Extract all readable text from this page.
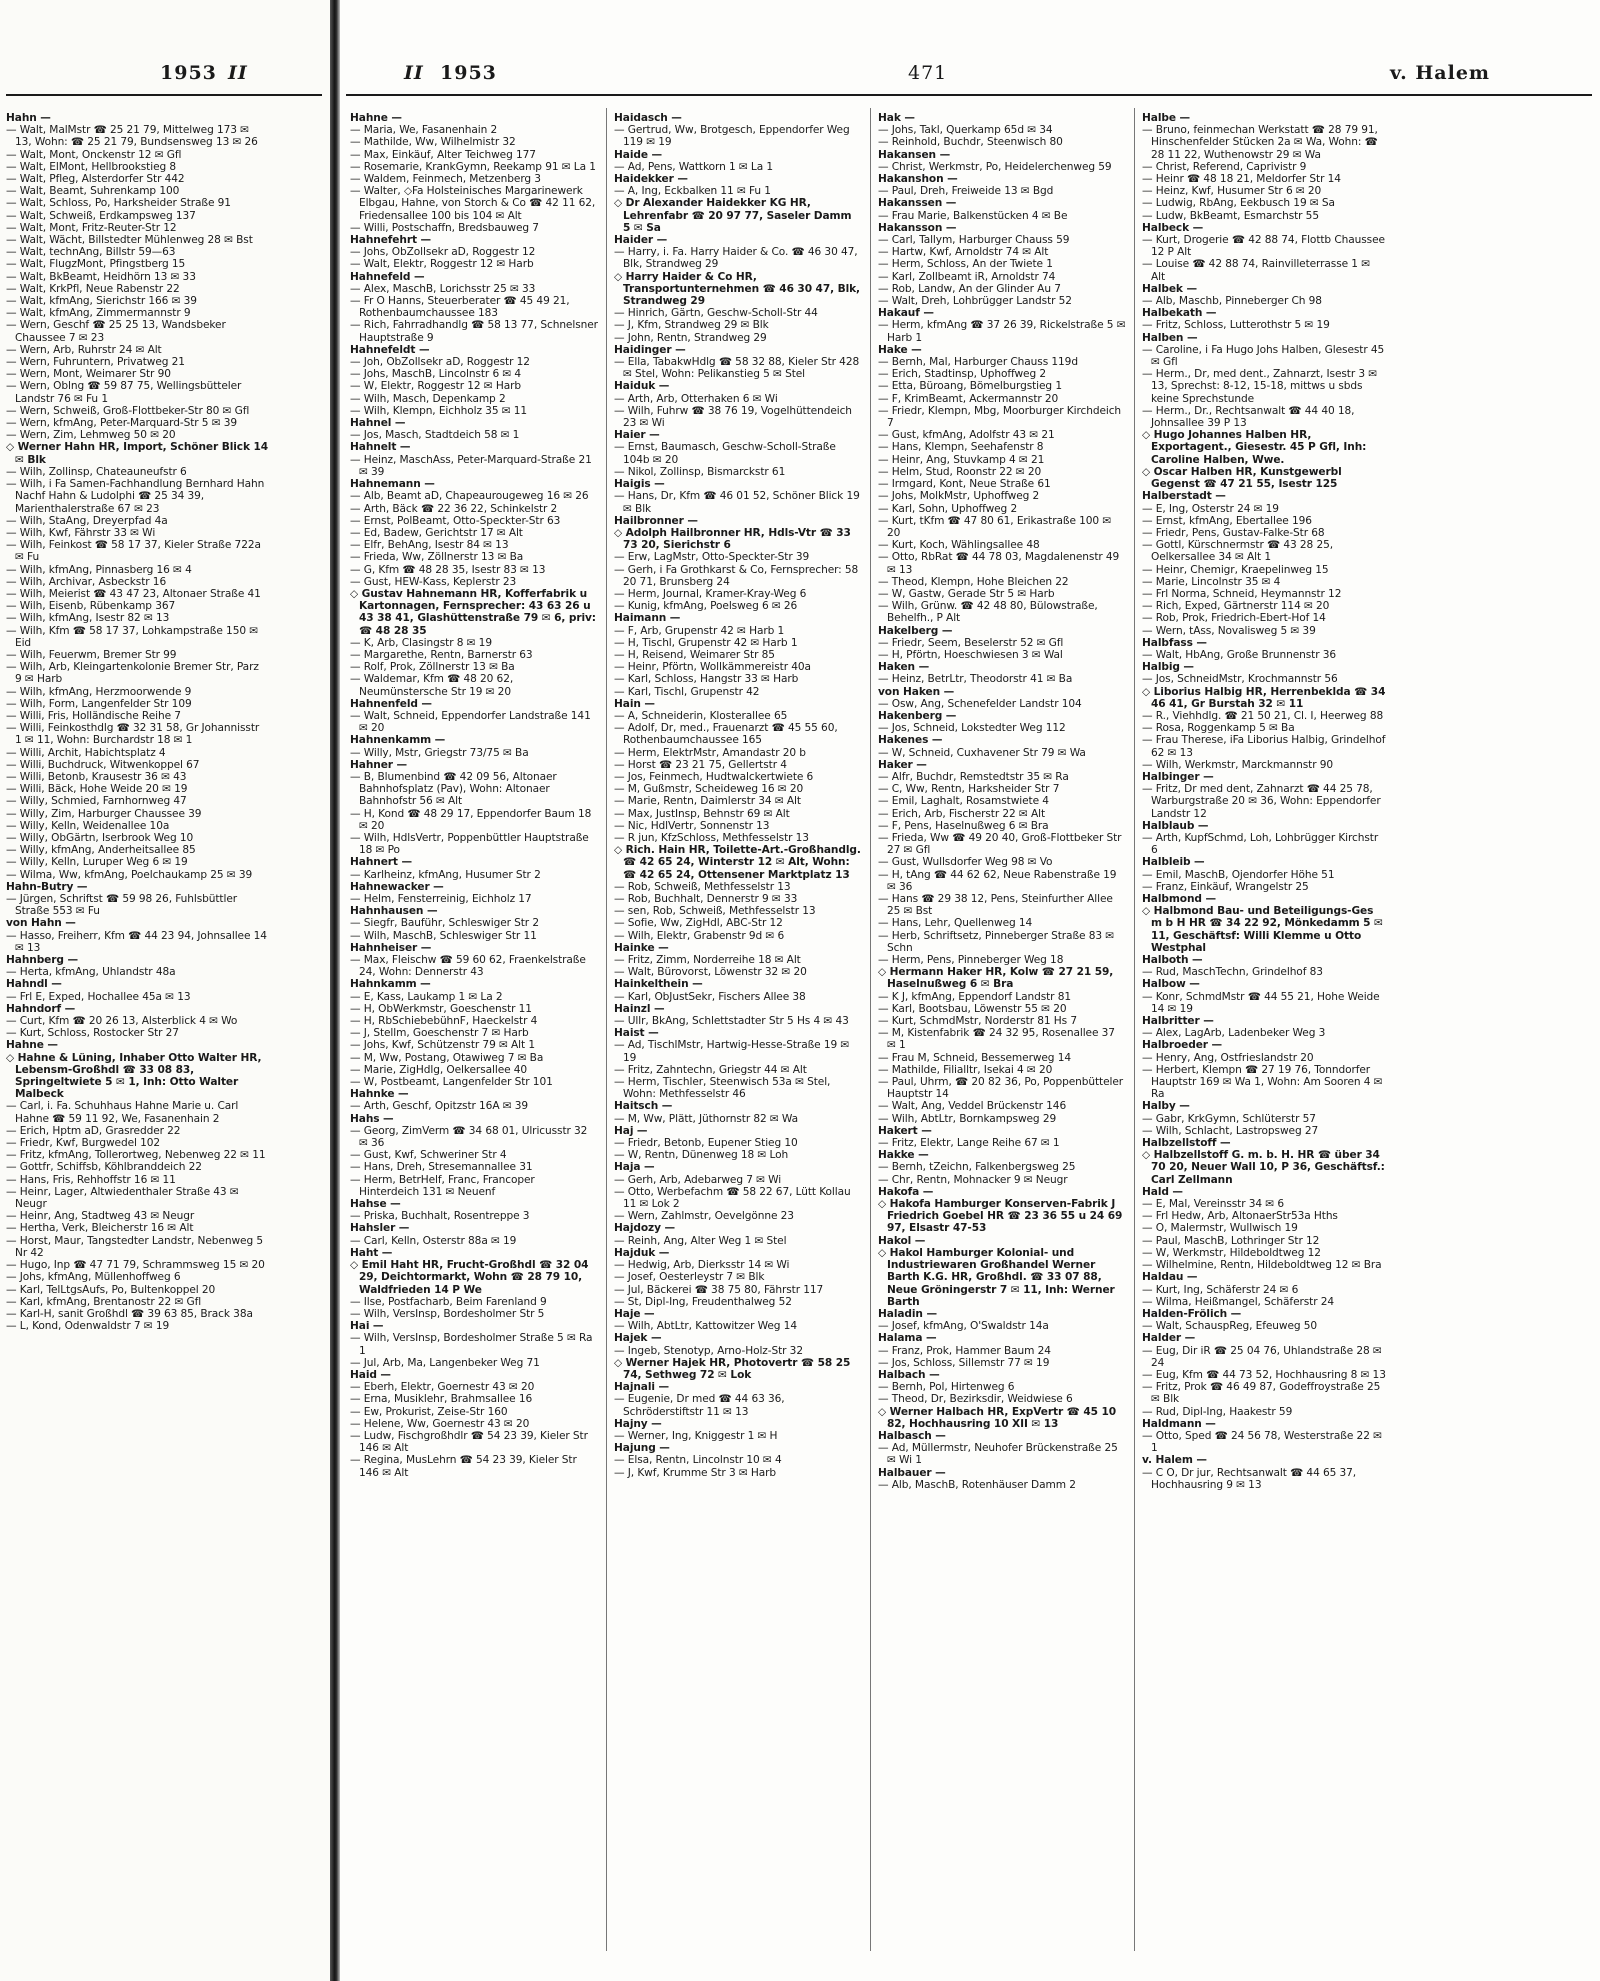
1953 II

Hahn —

— Walt, MalMstr ☎ 25 21 79, Mittelweg 173 ✉ 13, Wohn: ☎ 25 21 79, Bundsensweg 13 ✉ 26

— Walt, Mont, Onckenstr 12 ✉ Gfl

— Walt, ElMont, Hellbrookstieg 8

— Walt, Pfleg, Alsterdorfer Str 442

— Walt, Beamt, Suhrenkamp 100

— Walt, Schloss, Po, Harksheider Straße 91

— Walt, Schweiß, Erdkampsweg 137

— Walt, Mont, Fritz-Reuter-Str 12

— Walt, Wächt, Billstedter Mühlenweg 28 ✉ Bst

— Walt, technAng, Billstr 59—63

— Walt, FlugzMont, Pfingstberg 15

— Walt, BkBeamt, Heidhörn 13 ✉ 33

— Walt, KrkPfl, Neue Rabenstr 22

— Walt, kfmAng, Sierichstr 166 ✉ 39

— Walt, kfmAng, Zimmermannstr 9

— Wern, Geschf ☎ 25 25 13, Wandsbeker Chaussee 7 ✉ 23

— Wern, Arb, Ruhrstr 24 ✉ Alt

— Wern, Fuhruntern, Privatweg 21

— Wern, Mont, Weimarer Str 90

— Wern, Oblng ☎ 59 87 75, Wellingsbütteler Landstr 76 ✉ Fu 1

— Wern, Schweiß, Groß-Flottbeker-Str 80 ✉ Gfl

— Wern, kfmAng, Peter-Marquard-Str 5 ✉ 39

— Wern, Zim, Lehmweg 50 ✉ 20

◇ Werner Hahn HR, Import, Schöner Blick 14 ✉ Blk

— Wilh, Zollinsp, Chateauneufstr 6

— Wilh, i Fa Samen-Fachhandlung Bernhard Hahn Nachf Hahn & Ludolphi ☎ 25 34 39, Marienthalerstraße 67 ✉ 23

— Wilh, StaAng, Dreyerpfad 4a

— Wilh, Kwf, Fährstr 33 ✉ Wi

— Wilh, Feinkost ☎ 58 17 37, Kieler Straße 722a ✉ Fu

— Wilh, kfmAng, Pinnasberg 16 ✉ 4

— Wilh, Archivar, Asbeckstr 16

— Wilh, Meierist ☎ 43 47 23, Altonaer Straße 41

— Wilh, Eisenb, Rübenkamp 367

— Wilh, kfmAng, Isestr 82 ✉ 13

— Wilh, Kfm ☎ 58 17 37, Lohkampstraße 150 ✉ Eid

— Wilh, Feuerwm, Bremer Str 99

— Wilh, Arb, Kleingartenkolonie Bremer Str, Parz 9 ✉ Harb

— Wilh, kfmAng, Herzmoorwende 9

— Wilh, Form, Langenfelder Str 109

— Willi, Fris, Holländische Reihe 7

— Willi, Feinkosthdlg ☎ 32 31 58, Gr Johannisstr 1 ✉ 11, Wohn: Burchardstr 18 ✉ 1

— Willi, Archit, Habichtsplatz 4

— Willi, Buchdruck, Witwenkoppel 67

— Willi, Betonb, Krausestr 36 ✉ 43

— Willi, Bäck, Hohe Weide 20 ✉ 19

— Willy, Schmied, Farnhornweg 47

— Willy, Zim, Harburger Chaussee 39

— Willy, Kelln, Weidenallee 10a

— Willy, ObGärtn, Iserbrook Weg 10

— Willy, kfmAng, Anderheitsallee 85

— Willy, Kelln, Luruper Weg 6 ✉ 19

— Wilma, Ww, kfmAng, Poelchaukamp 25 ✉ 39

Hahn-Butry —

— Jürgen, Schriftst ☎ 59 98 26, Fuhlsbüttler Straße 553 ✉ Fu

von Hahn —

— Hasso, Freiherr, Kfm ☎ 44 23 94, Johnsallee 14 ✉ 13

Hahnberg —

— Herta, kfmAng, Uhlandstr 48a

Hahndl —

— Frl E, Exped, Hochallee 45a ✉ 13

Hahndorf —

— Curt, Kfm ☎ 20 26 13, Alsterblick 4 ✉ Wo

— Kurt, Schloss, Rostocker Str 27

Hahne —

◇ Hahne & Lüning, Inhaber Otto Walter HR, Lebensm-Großhdl ☎ 33 08 83, Springeltwiete 5 ✉ 1, Inh: Otto Walter Malbeck

— Carl, i. Fa. Schuhhaus Hahne Marie u. Carl Hahne ☎ 59 11 92, We, Fasanenhain 2

— Erich, Hptm aD, Grasredder 22

— Friedr, Kwf, Burgwedel 102

— Fritz, kfmAng, Tollerortweg, Nebenweg 22 ✉ 11

— Gottfr, Schiffsb, Köhlbranddeich 22

— Hans, Fris, Rehhoffstr 16 ✉ 11

— Heinr, Lager, Altwiedenthaler Straße 43 ✉ Neugr

— Heinr, Ang, Stadtweg 43 ✉ Neugr

— Hertha, Verk, Bleicherstr 16 ✉ Alt

— Horst, Maur, Tangstedter Landstr, Nebenweg 5 Nr 42

— Hugo, Inp ☎ 47 71 79, Schrammsweg 15 ✉ 20

— Johs, kfmAng, Müllenhoffweg 6

— Karl, TelLtgsAufs, Po, Bultenkoppel 20

— Karl, kfmAng, Brentanostr 22 ✉ Gfl

— Karl-H, sanit Großhdl ☎ 39 63 85, Brack 38a

— L, Kond, Odenwaldstr 7 ✉ 19

II 1953	471	v. Halem

Hahne —

— Maria, We, Fasanenhain 2

— Mathilde, Ww, Wilhelmistr 32

— Max, Einkäuf, Alter Teichweg 177

— Rosemarie, KrankGymn, Reekamp 91 ✉ La 1

— Waldem, Feinmech, Metzenberg 3

— Walter, ◇Fa Holsteinisches Margarinewerk Elbgau, Hahne, von Storch & Co ☎ 42 11 62, Friedensallee 100 bis 104 ✉ Alt

— Willi, Postschaffn, Bredsbauweg 7

Hahnefehrt —

— Johs, ObZollsekr aD, Roggestr 12

— Walt, Elektr, Roggestr 12 ✉ Harb

Hahnefeld —

— Alex, MaschB, Lorichsstr 25 ✉ 33

— Fr O Hanns, Steuerberater ☎ 45 49 21, Rothenbaumchaussee 183

— Rich, Fahrradhandlg ☎ 58 13 77, Schnelsner Hauptstraße 9

Hahnefeldt —

— Joh, ObZollsekr aD, Roggestr 12

— Johs, MaschB, Lincolnstr 6 ✉ 4

— W, Elektr, Roggestr 12 ✉ Harb

— Wilh, Masch, Depenkamp 2

— Wilh, Klempn, Eichholz 35 ✉ 11

Hahnel —

— Jos, Masch, Stadtdeich 58 ✉ 1

Hahnelt —

— Heinz, MaschAss, Peter-Marquard-Straße 21 ✉ 39

Hahnemann —

— Alb, Beamt aD, Chapeaurougeweg 16 ✉ 26

— Arth, Bäck ☎ 22 36 22, Schinkelstr 2

— Ernst, PolBeamt, Otto-Speckter-Str 63

— Ed, Badew, Gerichtstr 17 ✉ Alt

— Elfr, BehAng, Isestr 84 ✉ 13

— Frieda, Ww, Zöllnerstr 13 ✉ Ba

— G, Kfm ☎ 48 28 35, Isestr 83 ✉ 13

— Gust, HEW-Kass, Keplerstr 23

◇ Gustav Hahnemann HR, Kofferfabrik u Kartonnagen, Fernsprecher: 43 63 26 u 43 38 41, Glashüttenstraße 79 ✉ 6, priv: ☎ 48 28 35

— K, Arb, Clasingstr 8 ✉ 19

— Margarethe, Rentn, Barnerstr 63

— Rolf, Prok, Zöllnerstr 13 ✉ Ba

— Waldemar, Kfm ☎ 48 20 62, Neumünstersche Str 19 ✉ 20

Hahnenfeld —

— Walt, Schneid, Eppendorfer Landstraße 141 ✉ 20

Hahnenkamm —

— Willy, Mstr, Griegstr 73/75 ✉ Ba

Hahner —

— B, Blumenbind ☎ 42 09 56, Altonaer Bahnhofsplatz (Pav), Wohn: Altonaer Bahnhofstr 56 ✉ Alt

— H, Kond ☎ 48 29 17, Eppendorfer Baum 18 ✉ 20

— Wilh, HdlsVertr, Poppenbüttler Hauptstraße 18 ✉ Po

Hahnert —

— Karlheinz, kfmAng, Husumer Str 2

Hahnewacker —

— Helm, Fensterreinig, Eichholz 17

Hahnhausen —

— Siegfr, Bauführ, Schleswiger Str 2

— Wilh, MaschB, Schleswiger Str 11

Hahnheiser —

— Max, Fleischw ☎ 59 60 62, Fraenkelstraße 24, Wohn: Dennerstr 43

Hahnkamm —

— E, Kass, Laukamp 1 ✉ La 2

— H, ObWerkmstr, Goeschenstr 11

— H, RbSchiebebühnF, Haeckelstr 4

— J, Stellm, Goeschenstr 7 ✉ Harb

— Johs, Kwf, Schützenstr 79 ✉ Alt 1

— M, Ww, Postang, Otawiweg 7 ✉ Ba

— Marie, ZigHdlg, Oelkersallee 40

— W, Postbeamt, Langenfelder Str 101

Hahnke —

— Arth, Geschf, Opitzstr 16A ✉ 39

Hahs —

— Georg, ZimVerm ☎ 34 68 01, Ulricusstr 32 ✉ 36

— Gust, Kwf, Schweriner Str 4

— Hans, Dreh, Stresemannallee 31

— Herm, BetrHelf, Franc, Francoper Hinterdeich 131 ✉ Neuenf

Hahse —

— Priska, Buchhalt, Rosentreppe 3

Hahsler —

— Carl, Kelln, Osterstr 88a ✉ 19

Haht —

◇ Emil Haht HR, Frucht-Großhdl ☎ 32 04 29, Deichtormarkt, Wohn ☎ 28 79 10, Waldfrieden 14 P We

— Ilse, Postfacharb, Beim Farenland 9

— Wilh, VersInsp, Bordesholmer Str 5

Hai —

— Wilh, VersInsp, Bordesholmer Straße 5 ✉ Ra 1

— Jul, Arb, Ma, Langenbeker Weg 71

Haid —

— Eberh, Elektr, Goernestr 43 ✉ 20

— Erna, Musiklehr, Brahmsallee 16

— Ew, Prokurist, Zeise-Str 160

— Helene, Ww, Goernestr 43 ✉ 20

— Ludw, Fischgroßhdlr ☎ 54 23 39, Kieler Str 146 ✉ Alt

— Regina, MusLehrn ☎ 54 23 39, Kieler Str 146 ✉ Alt

Haidasch —

— Gertrud, Ww, Brotgesch, Eppendorfer Weg 119 ✉ 19

Haide —

— Ad, Pens, Wattkorn 1 ✉ La 1

Haidekker —

— A, Ing, Eckbalken 11 ✉ Fu 1

◇ Dr Alexander Haidekker KG HR, Lehrenfabr ☎ 20 97 77, Saseler Damm 5 ✉ Sa

Haider —

— Harry, i. Fa. Harry Haider & Co. ☎ 46 30 47, Blk, Strandweg 29

◇ Harry Haider & Co HR, Transportunternehmen ☎ 46 30 47, Blk, Strandweg 29

— Hinrich, Gärtn, Geschw-Scholl-Str 44

— J, Kfm, Strandweg 29 ✉ Blk

— John, Rentn, Strandweg 29

Haidinger —

— Ella, TabakwHdlg ☎ 58 32 88, Kieler Str 428 ✉ Stel, Wohn: Pelikanstieg 5 ✉ Stel

Haiduk —

— Arth, Arb, Otterhaken 6 ✉ Wi

— Wilh, Fuhrw ☎ 38 76 19, Vogelhüttendeich 23 ✉ Wi

Haier —

— Ernst, Baumasch, Geschw-Scholl-Straße 104b ✉ 20

— Nikol, Zollinsp, Bismarckstr 61

Haigis —

— Hans, Dr, Kfm ☎ 46 01 52, Schöner Blick 19 ✉ Blk

Hailbronner —

◇ Adolph Hailbronner HR, Hdls-Vtr ☎ 33 73 20, Sierichstr 6

— Erw, LagMstr, Otto-Speckter-Str 39

— Gerh, i Fa Grothkarst & Co, Fernsprecher: 58 20 71, Brunsberg 24

— Herm, Journal, Kramer-Kray-Weg 6

— Kunig, kfmAng, Poelsweg 6 ✉ 26

Haimann —

— F, Arb, Grupenstr 42 ✉ Harb 1

— H, Tischl, Grupenstr 42 ✉ Harb 1

— H, Reisend, Weimarer Str 85

— Heinr, Pförtn, Wollkämmereistr 40a

— Karl, Schloss, Hangstr 33 ✉ Harb

— Karl, Tischl, Grupenstr 42

Hain —

— A, Schneiderin, Klosterallee 65

— Adolf, Dr, med., Frauenarzt ☎ 45 55 60, Rothenbaumchaussee 165

— Herm, ElektrMstr, Amandastr 20 b

— Horst ☎ 23 21 75, Gellertstr 4

— Jos, Feinmech, Hudtwalckertwiete 6

— M, Gußmstr, Scheideweg 16 ✉ 20

— Marie, Rentn, Daimlerstr 34 ✉ Alt

— Max, JustInsp, Behnstr 69 ✉ Alt

— Nic, HdlVertr, Sonnenstr 13

— R jun, KfzSchloss, Methfesselstr 13

◇ Rich. Hain HR, Toilette-Art.-Großhandlg. ☎ 42 65 24, Winterstr 12 ✉ Alt, Wohn: ☎ 42 65 24, Ottensener Marktplatz 13

— Rob, Schweiß, Methfesselstr 13

— Rob, Buchhalt, Dennerstr 9 ✉ 33

— sen, Rob, Schweiß, Methfesselstr 13

— Sofie, Ww, ZigHdl, ABC-Str 12

— Wilh, Elektr, Grabenstr 9d ✉ 6

Hainke —

— Fritz, Zimm, Norderreihe 18 ✉ Alt

— Walt, Bürovorst, Löwenstr 32 ✉ 20

Hainkelthein —

— Karl, ObJustSekr, Fischers Allee 38

Hainzl —

— Ullr, BkAng, Schlettstadter Str 5 Hs 4 ✉ 43

Haist —

— Ad, TischlMstr, Hartwig-Hesse-Straße 19 ✉ 19

— Fritz, Zahntechn, Griegstr 44 ✉ Alt

— Herm, Tischler, Steenwisch 53a ✉ Stel, Wohn: Methfesselstr 46

Haitsch —

— M, Ww, Plätt, Jüthornstr 82 ✉ Wa

Haj —

— Friedr, Betonb, Eupener Stieg 10

— W, Rentn, Dünenweg 18 ✉ Loh

Haja —

— Gerh, Arb, Adebarweg 7 ✉ Wi

— Otto, Werbefachm ☎ 58 22 67, Lütt Kollau 11 ✉ Lok 2

— Wern, Zahlmstr, Oevelgönne 23

Hajdozy —

— Reinh, Ang, Alter Weg 1 ✉ Stel

Hajduk —

— Hedwig, Arb, Dierksstr 14 ✉ Wi

— Josef, Oesterleystr 7 ✉ Blk

— Jul, Bäckerei ☎ 38 75 80, Fährstr 117

— St, Dipl-Ing, Freudenthalweg 52

Haje —

— Wilh, AbtLtr, Kattowitzer Weg 14

Hajek —

— Ingeb, Stenotyp, Arno-Holz-Str 32

◇ Werner Hajek HR, Photovertr ☎ 58 25 74, Sethweg 72 ✉ Lok

Hajnali —

— Eugenie, Dr med ☎ 44 63 36, Schröderstiftstr 11 ✉ 13

Hajny —

— Werner, Ing, Kniggestr 1 ✉ H

Hajung —

— Elsa, Rentn, Lincolnstr 10 ✉ 4

— J, Kwf, Krumme Str 3 ✉ Harb

Hak —

— Johs, Takl, Querkamp 65d ✉ 34

— Reinhold, Buchdr, Steenwisch 80

Hakansen —

— Christ, Werkmstr, Po, Heidelerchenweg 59

Hakanshon —

— Paul, Dreh, Freiweide 13 ✉ Bgd

Hakanssen —

— Frau Marie, Balkenstücken 4 ✉ Be

Hakansson —

— Carl, Tallym, Harburger Chauss 59

— Hartw, Kwf, Arnoldstr 74 ✉ Alt

— Herm, Schloss, An der Twiete 1

— Karl, Zollbeamt iR, Arnoldstr 74

— Rob, Landw, An der Glinder Au 7

— Walt, Dreh, Lohbrügger Landstr 52

Hakauf —

— Herm, kfmAng ☎ 37 26 39, Rickelstraße 5 ✉ Harb 1

Hake —

— Bernh, Mal, Harburger Chauss 119d

— Erich, Stadtinsp, Uphoffweg 2

— Etta, Büroang, Bömelburgstieg 1

— F, KrimBeamt, Ackermannstr 20

— Friedr, Klempn, Mbg, Moorburger Kirchdeich 7

— Gust, kfmAng, Adolfstr 43 ✉ 21

— Hans, Klempn, Seehafenstr 8

— Heinr, Ang, Stuvkamp 4 ✉ 21

— Helm, Stud, Roonstr 22 ✉ 20

— Irmgard, Kont, Neue Straße 61

— Johs, MolkMstr, Uphoffweg 2

— Karl, Sohn, Uphoffweg 2

— Kurt, tKfm ☎ 47 80 61, Erikastraße 100 ✉ 20

— Kurt, Koch, Wählingsallee 48

— Otto, RbRat ☎ 44 78 03, Magdalenenstr 49 ✉ 13

— Theod, Klempn, Hohe Bleichen 22

— W, Gastw, Gerade Str 5 ✉ Harb

— Wilh, Grünw. ☎ 42 48 80, Bülowstraße, Behelfh., P Alt

Hakelberg —

— Friedr, Seem, Beselerstr 52 ✉ Gfl

— H, Pförtn, Hoeschwiesen 3 ✉ Wal

Haken —

— Heinz, BetrLtr, Theodorstr 41 ✉ Ba

von Haken —

— Osw, Ang, Schenefelder Landstr 104

Hakenberg —

— Jos, Schneid, Lokstedter Weg 112

Hakenes —

— W, Schneid, Cuxhavener Str 79 ✉ Wa

Haker —

— Alfr, Buchdr, Remstedtstr 35 ✉ Ra

— C, Ww, Rentn, Harksheider Str 7

— Emil, Laghalt, Rosamstwiete 4

— Erich, Arb, Fischerstr 22 ✉ Alt

— F, Pens, Haselnußweg 6 ✉ Bra

— Frieda, Ww ☎ 49 20 40, Groß-Flottbeker Str 27 ✉ Gfl

— Gust, Wullsdorfer Weg 98 ✉ Vo

— H, tAng ☎ 44 62 62, Neue Rabenstraße 19 ✉ 36

— Hans ☎ 29 38 12, Pens, Steinfurther Allee 25 ✉ Bst

— Hans, Lehr, Quellenweg 14

— Herb, Schriftsetz, Pinneberger Straße 83 ✉ Schn

— Herm, Pens, Pinneberger Weg 18

◇ Hermann Haker HR, Kolw ☎ 27 21 59, Haselnußweg 6 ✉ Bra

— K J, kfmAng, Eppendorf Landstr 81

— Karl, Bootsbau, Löwenstr 55 ✉ 20

— Kurt, SchmdMstr, Norderstr 81 Hs 7

— M, Kistenfabrik ☎ 24 32 95, Rosenallee 37 ✉ 1

— Frau M, Schneid, Bessemerweg 14

— Mathilde, Filialltr, Isekai 4 ✉ 20

— Paul, Uhrm, ☎ 20 82 36, Po, Poppenbütteler Hauptstr 14

— Walt, Ang, Veddel Brückenstr 146

— Wilh, AbtLtr, Bornkampsweg 29

Hakert —

— Fritz, Elektr, Lange Reihe 67 ✉ 1

Hakke —

— Bernh, tZeichn, Falkenbergsweg 25

— Chr, Rentn, Mohnacker 9 ✉ Neugr

Hakofa —

◇ Hakofa Hamburger Konserven-Fabrik J Friedrich Goebel HR ☎ 23 36 55 u 24 69 97, Elsastr 47-53

Hakol —

◇ Hakol Hamburger Kolonial- und Industriewaren Großhandel Werner Barth K.G. HR, Großhdl. ☎ 33 07 88, Neue Gröningerstr 7 ✉ 11, Inh: Werner Barth

Haladin —

— Josef, kfmAng, O'Swaldstr 14a

Halama —

— Franz, Prok, Hammer Baum 24

— Jos, Schloss, Sillemstr 77 ✉ 19

Halbach —

— Bernh, Pol, Hirtenweg 6

— Theod, Dr, Bezirksdir, Weidwiese 6

◇ Werner Halbach HR, ExpVertr ☎ 45 10 82, Hochhausring 10 XII ✉ 13

Halbasch —

— Ad, Müllermstr, Neuhofer Brückenstraße 25 ✉ Wi 1

Halbauer —

— Alb, MaschB, Rotenhäuser Damm 2

Halbe —

— Bruno, feinmechan Werkstatt ☎ 28 79 91, Hinschenfelder Stücken 2a ✉ Wa, Wohn: ☎ 28 11 22, Wuthenowstr 29 ✉ Wa

— Christ, Referend, Caprivistr 9

— Heinr ☎ 48 18 21, Meldorfer Str 14

— Heinz, Kwf, Husumer Str 6 ✉ 20

— Ludwig, RbAng, Eekbusch 19 ✉ Sa

— Ludw, BkBeamt, Esmarchstr 55

Halbeck —

— Kurt, Drogerie ☎ 42 88 74, Flottb Chaussee 12 P Alt

— Louise ☎ 42 88 74, Rainvilleterrasse 1 ✉ Alt

Halbek —

— Alb, Maschb, Pinneberger Ch 98

Halbekath —

— Fritz, Schloss, Lutterothstr 5 ✉ 19

Halben —

— Caroline, i Fa Hugo Johs Halben, Glesestr 45 ✉ Gfl

— Herm., Dr, med dent., Zahnarzt, Isestr 3 ✉ 13, Sprechst: 8-12, 15-18, mittws u sbds keine Sprechstunde

— Herm., Dr., Rechtsanwalt ☎ 44 40 18, Johnsallee 39 P 13

◇ Hugo Johannes Halben HR, Exportagent., Giesestr. 45 P Gfl, Inh: Caroline Halben, Wwe.

◇ Oscar Halben HR, Kunstgewerbl Gegenst ☎ 47 21 55, Isestr 125

Halberstadt —

— E, Ing, Osterstr 24 ✉ 19

— Ernst, kfmAng, Ebertallee 196

— Friedr, Pens, Gustav-Falke-Str 68

— Gottl, Kürschnermstr ☎ 43 28 25, Oelkersallee 34 ✉ Alt 1

— Heinr, Chemigr, Kraepelinweg 15

— Marie, Lincolnstr 35 ✉ 4

— Frl Norma, Schneid, Heymannstr 12

— Rich, Exped, Gärtnerstr 114 ✉ 20

— Rob, Prok, Friedrich-Ebert-Hof 14

— Wern, tAss, Novalisweg 5 ✉ 39

Halbfass —

— Walt, HbAng, Große Brunnenstr 36

Halbig —

— Jos, SchneidMstr, Krochmannstr 56

◇ Liborius Halbig HR, Herrenbeklda ☎ 34 46 41, Gr Burstah 32 ✉ 11

— R., Viehhdlg. ☎ 21 50 21, Cl. I, Heerweg 88

— Rosa, Roggenkamp 5 ✉ Ba

— Frau Therese, iFa Liborius Halbig, Grindelhof 62 ✉ 13

— Wilh, Werkmstr, Marckmannstr 90

Halbinger —

— Fritz, Dr med dent, Zahnarzt ☎ 44 25 78, Warburgstraße 20 ✉ 36, Wohn: Eppendorfer Landstr 12

Halblaub —

— Arth, KupfSchmd, Loh, Lohbrügger Kirchstr 6

Halbleib —

— Emil, MaschB, Ojendorfer Höhe 51

— Franz, Einkäuf, Wrangelstr 25

Halbmond —

◇ Halbmond Bau- und Beteiligungs-Ges m b H HR ☎ 34 22 92, Mönkedamm 5 ✉ 11, Geschäftsf: Willi Klemme u Otto Westphal

Halboth —

— Rud, MaschTechn, Grindelhof 83

Halbow —

— Konr, SchmdMstr ☎ 44 55 21, Hohe Weide 14 ✉ 19

Halbritter —

— Alex, LagArb, Ladenbeker Weg 3

Halbroeder —

— Henry, Ang, Ostfrieslandstr 20

— Herbert, Klempn ☎ 27 19 76, Tonndorfer Hauptstr 169 ✉ Wa 1, Wohn: Am Sooren 4 ✉ Ra

Halby —

— Gabr, KrkGymn, Schlüterstr 57

— Wilh, Schlacht, Lastropsweg 27

Halbzellstoff —

◇ Halbzellstoff G. m. b. H. HR ☎ über 34 70 20, Neuer Wall 10, P 36, Geschäftsf.: Carl Zellmann

Hald —

— E, Mal, Vereinsstr 34 ✉ 6

— Frl Hedw, Arb, AltonaerStr53a Hths

— O, Malermstr, Wullwisch 19

— Paul, MaschB, Lothringer Str 12

— W, Werkmstr, Hildeboldtweg 12

— Wilhelmine, Rentn, Hildeboldtweg 12 ✉ Bra

Haldau —

— Kurt, Ing, Schäferstr 24 ✉ 6

— Wilma, Heißmangel, Schäferstr 24

Halden-Frölich —

— Walt, SchauspReg, Efeuweg 50

Halder —

— Eug, Dir iR ☎ 25 04 76, Uhlandstraße 28 ✉ 24

— Eug, Kfm ☎ 44 73 52, Hochhausring 8 ✉ 13

— Fritz, Prok ☎ 46 49 87, Godeffroystraße 25 ✉ Blk

— Rud, Dipl-Ing, Haakestr 59

Haldmann —

— Otto, Sped ☎ 24 56 78, Westerstraße 22 ✉ 1

v. Halem —

— C O, Dr jur, Rechtsanwalt ☎ 44 65 37, Hochhausring 9 ✉ 13
